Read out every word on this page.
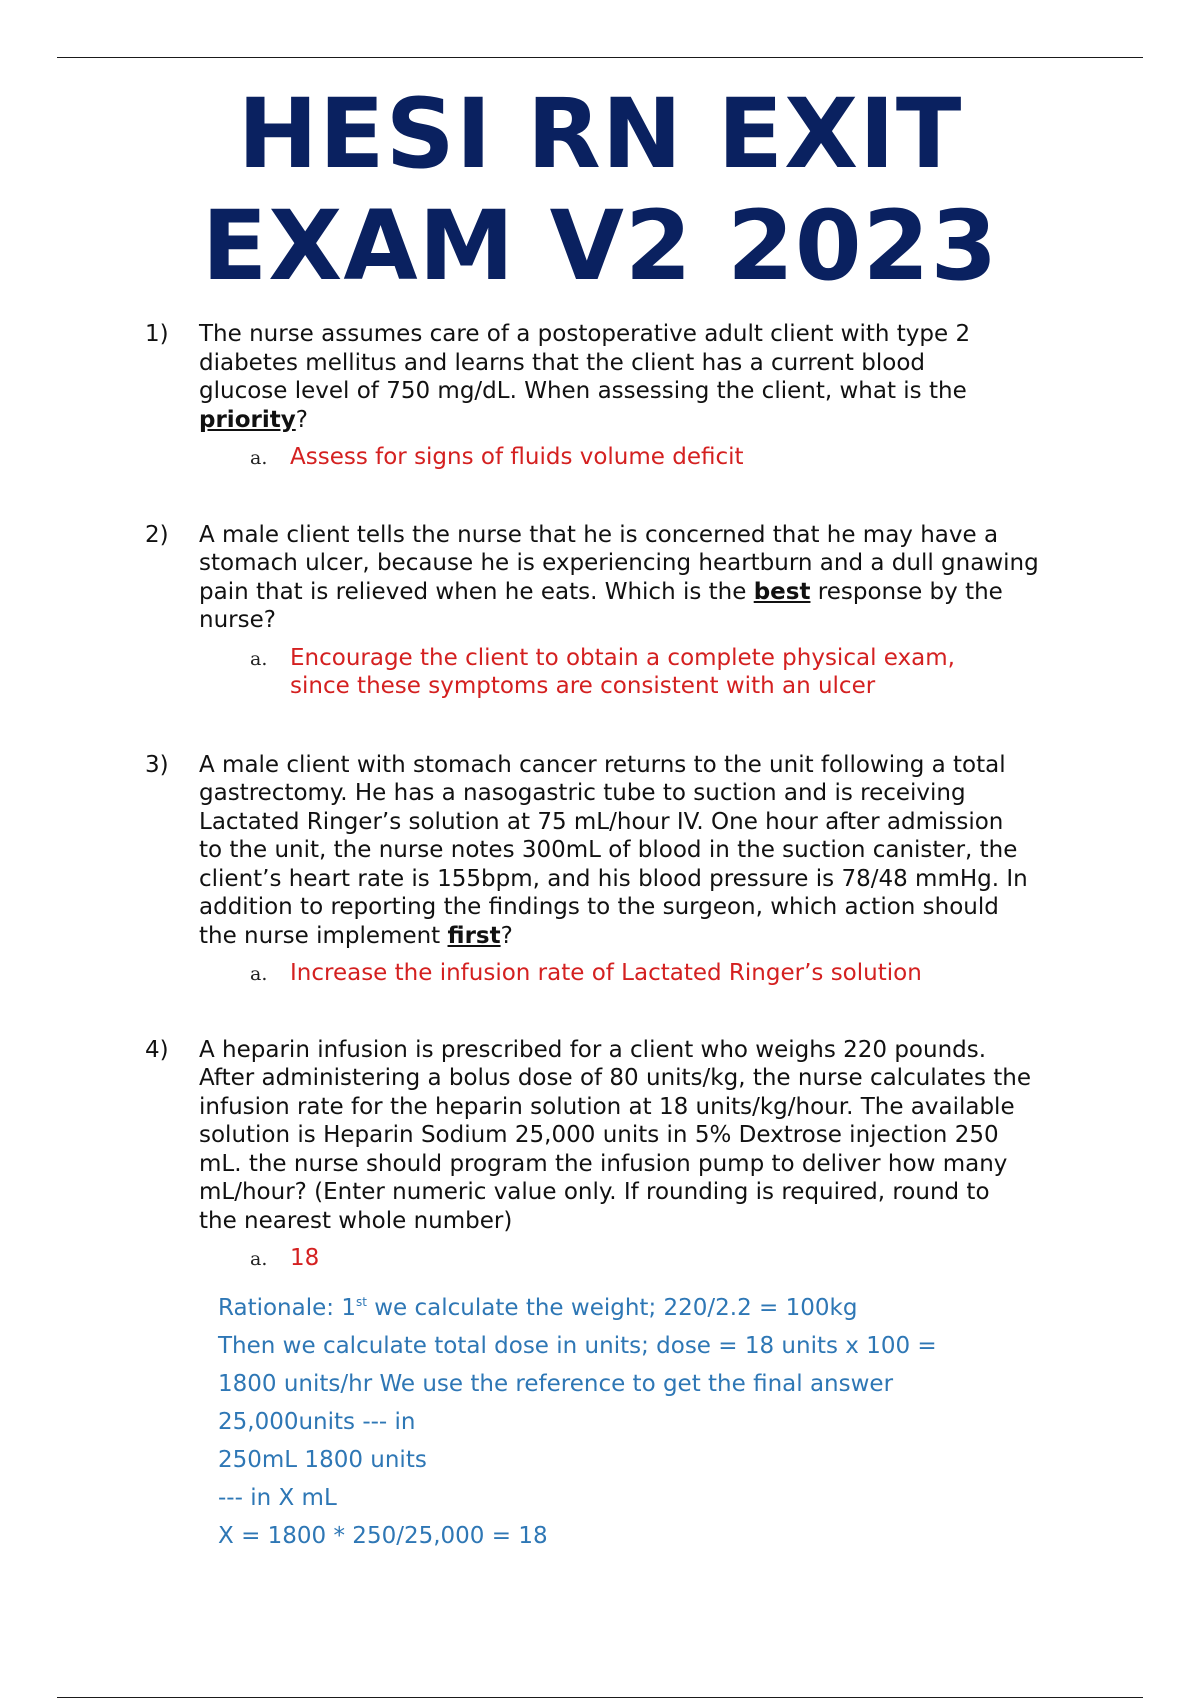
HESI RN EXIT
EXAM V2 2023
1)	The nurse assumes care of a postoperative adult client with type 2
diabetes mellitus and learns that the client has a current blood
glucose level of 750 mg/dL. When assessing the client, what is the
priority?
a. Assess for signs of fluids volume deficit
2)	A male client tells the nurse that he is concerned that he may have a
stomach ulcer, because he is experiencing heartburn and a dull gnawing
pain that is relieved when he eats. Which is the best response by the
nurse?
a. Encourage the client to obtain a complete physical exam,
since these symptoms are consistent with an ulcer
3)	A male client with stomach cancer returns to the unit following a total
gastrectomy. He has a nasogastric tube to suction and is receiving
Lactated Ringer’s solution at 75 mL/hour IV. One hour after admission
to the unit, the nurse notes 300mL of blood in the suction canister, the
client’s heart rate is 155bpm, and his blood pressure is 78/48 mmHg. In
addition to reporting the findings to the surgeon, which action should
the nurse implement first?
a. Increase the infusion rate of Lactated Ringer’s solution
4)	A heparin infusion is prescribed for a client who weighs 220 pounds.
After administering a bolus dose of 80 units/kg, the nurse calculates the
infusion rate for the heparin solution at 18 units/kg/hour. The available
solution is Heparin Sodium 25,000 units in 5% Dextrose injection 250
mL. the nurse should program the infusion pump to deliver how many
mL/hour? (Enter numeric value only. If rounding is required, round to
the nearest whole number)
a. 18
Rationale: 1st we calculate the weight; 220/2.2 = 100kg
Then we calculate total dose in units; dose = 18 units x 100 =
1800 units/hr We use the reference to get the final answer
25,000units --- in
250mL 1800 units
--- in X mL
X = 1800 * 250/25,000 = 18
